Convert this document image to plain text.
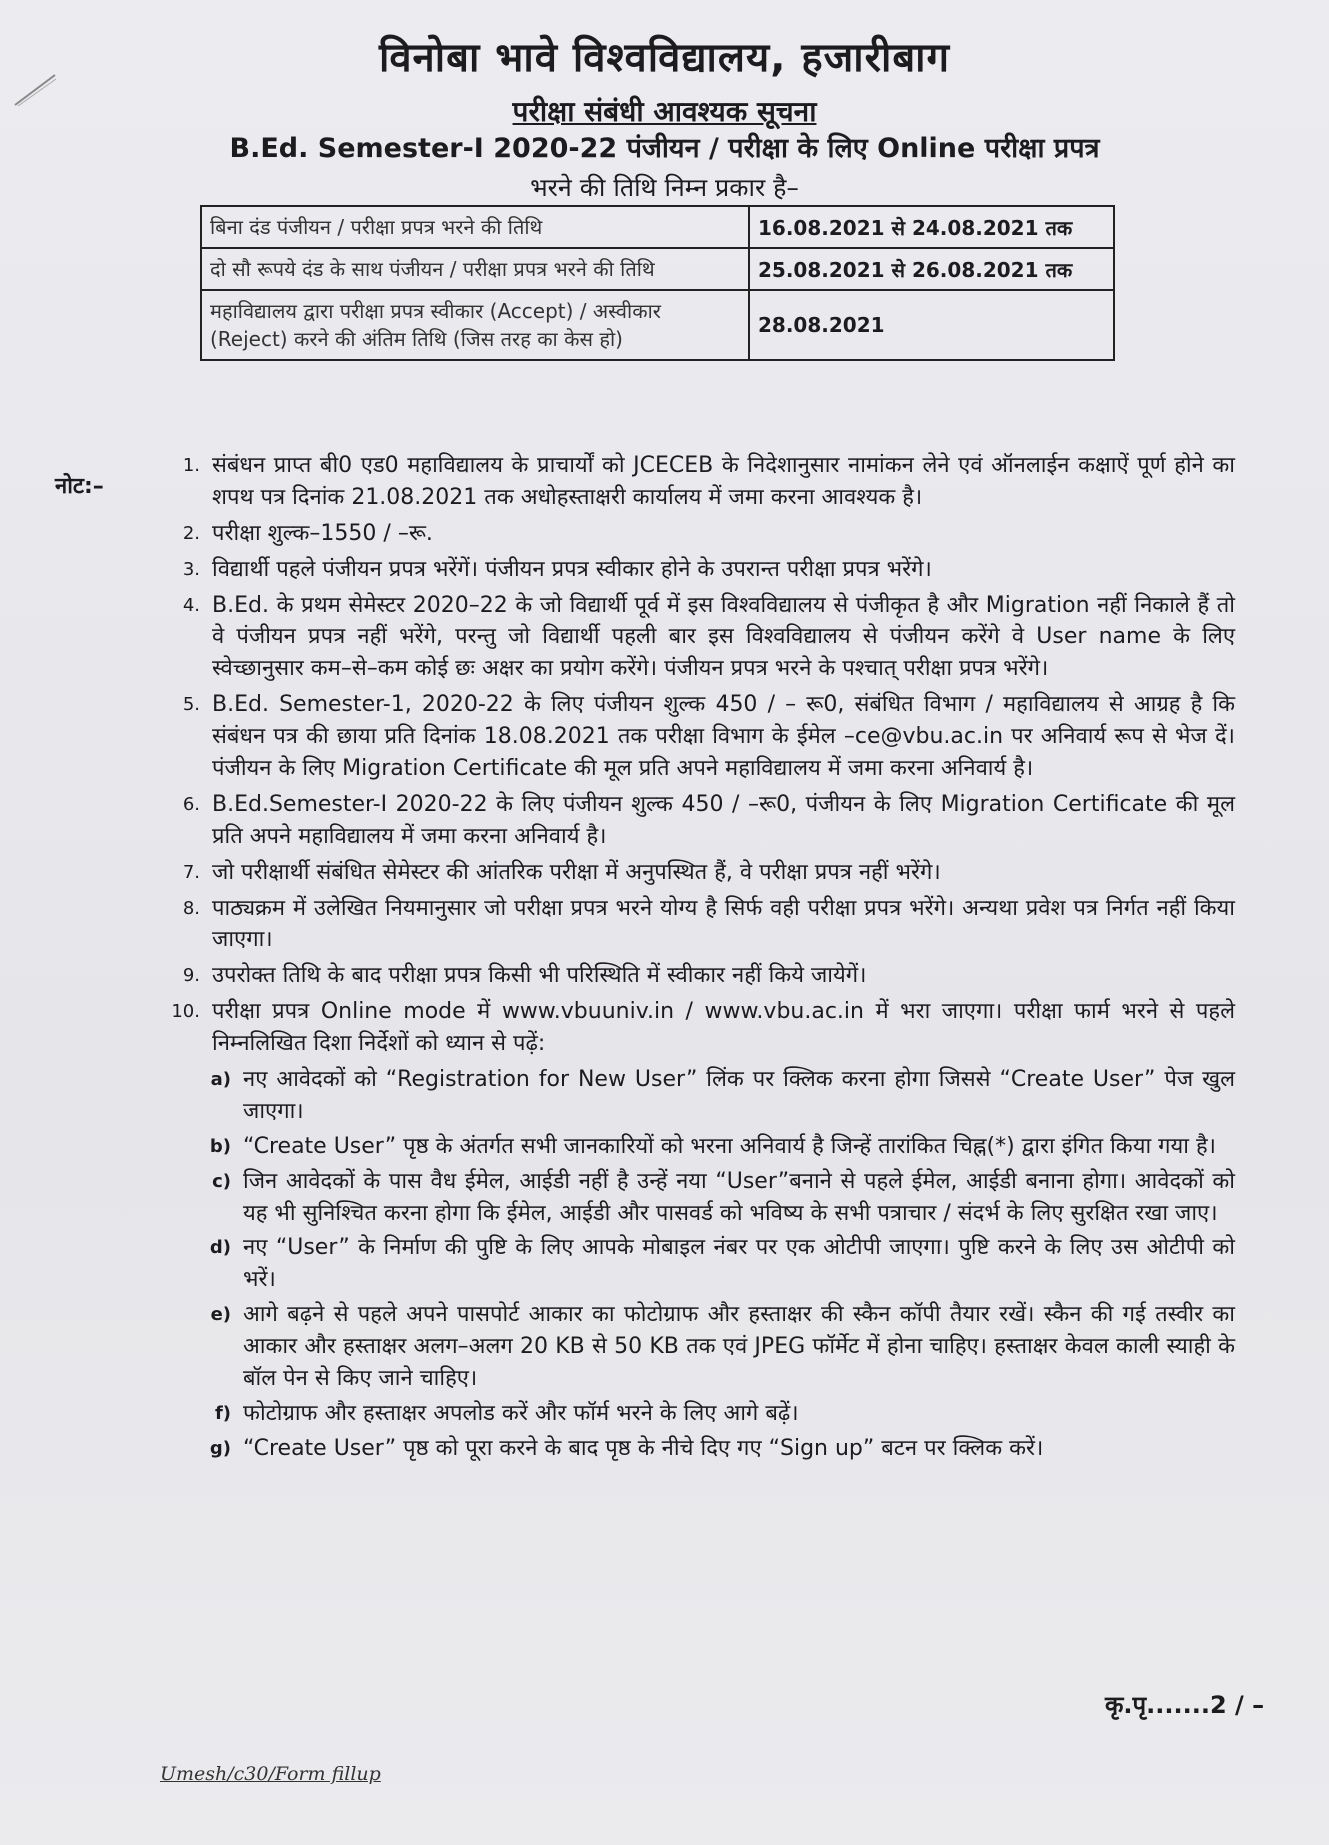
विनोबा भावे विश्वविद्यालय, हजारीबाग
परीक्षा संबंधी आवश्यक सूचना
B.Ed. Semester-I 2020-22 पंजीयन / परीक्षा के लिए Online परीक्षा प्रपत्र
भरने की तिथि निम्न प्रकार है–
बिना दंड पंजीयन / परीक्षा प्रपत्र भरने की तिथि	16.08.2021 से 24.08.2021 तक
दो सौ रूपये दंड के साथ पंजीयन / परीक्षा प्रपत्र भरने की तिथि	25.08.2021 से 26.08.2021 तक
महाविद्यालय द्वारा परीक्षा प्रपत्र स्वीकार (Accept) / अस्वीकार (Reject) करने की अंतिम तिथि (जिस तरह का केस हो)	28.08.2021
नोट:–
1. संबंधन प्राप्त बी0 एड0 महाविद्यालय के प्राचार्यों को JCECEB के निदेशानुसार नामांकन लेने एवं ऑनलाईन कक्षाऐं पूर्ण होने का शपथ पत्र दिनांक 21.08.2021 तक अधोहस्ताक्षरी कार्यालय में जमा करना आवश्यक है।
2. परीक्षा शुल्क–1550 / –रू.
3. विद्यार्थी पहले पंजीयन प्रपत्र भरेंगें। पंजीयन प्रपत्र स्वीकार होने के उपरान्त परीक्षा प्रपत्र भरेंगे।
4. B.Ed. के प्रथम सेमेस्टर 2020–22 के जो विद्यार्थी पूर्व में इस विश्वविद्यालय से पंजीकृत है और Migration नहीं निकाले हैं तो वे पंजीयन प्रपत्र नहीं भरेंगे, परन्तु जो विद्यार्थी पहली बार इस विश्वविद्यालय से पंजीयन करेंगे वे User name के लिए स्वेच्छानुसार कम–से–कम कोई छः अक्षर का प्रयोग करेंगे। पंजीयन प्रपत्र भरने के पश्चात् परीक्षा प्रपत्र भरेंगे।
5. B.Ed. Semester-1, 2020-22 के लिए पंजीयन शुल्क 450 / – रू0, संबंधित विभाग / महाविद्यालय से आग्रह है कि संबंधन पत्र की छाया प्रति दिनांक 18.08.2021 तक परीक्षा विभाग के ईमेल –ce@vbu.ac.in पर अनिवार्य रूप से भेज दें। पंजीयन के लिए Migration Certificate की मूल प्रति अपने महाविद्यालय में जमा करना अनिवार्य है।
6. B.Ed.Semester-I 2020-22 के लिए पंजीयन शुल्क 450 / –रू0, पंजीयन के लिए Migration Certificate की मूल प्रति अपने महाविद्यालय में जमा करना अनिवार्य है।
7. जो परीक्षार्थी संबंधित सेमेस्टर की आंतरिक परीक्षा में अनुपस्थित हैं, वे परीक्षा प्रपत्र नहीं भरेंगे।
8. पाठ्यक्रम में उलेखित नियमानुसार जो परीक्षा प्रपत्र भरने योग्य है सिर्फ वही परीक्षा प्रपत्र भरेंगे। अन्यथा प्रवेश पत्र निर्गत नहीं किया जाएगा।
9. उपरोक्त तिथि के बाद परीक्षा प्रपत्र किसी भी परिस्थिति में स्वीकार नहीं किये जायेगें।
10. परीक्षा प्रपत्र Online mode में www.vbuuniv.in / www.vbu.ac.in में भरा जाएगा। परीक्षा फार्म भरने से पहले निम्नलिखित दिशा निर्देशों को ध्यान से पढ़ें:
a) नए आवेदकों को “Registration for New User” लिंक पर क्लिक करना होगा जिससे “Create User” पेज खुल जाएगा।
b) “Create User” पृष्ठ के अंतर्गत सभी जानकारियों को भरना अनिवार्य है जिन्हें तारांकित चिह्न(*) द्वारा इंगित किया गया है।
c) जिन आवेदकों के पास वैध ईमेल, आईडी नहीं है उन्हें नया “User”बनाने से पहले ईमेल, आईडी बनाना होगा। आवेदकों को यह भी सुनिश्चित करना होगा कि ईमेल, आईडी और पासवर्ड को भविष्य के सभी पत्राचार / संदर्भ के लिए सुरक्षित रखा जाए।
d) नए “User” के निर्माण की पुष्टि के लिए आपके मोबाइल नंबर पर एक ओटीपी जाएगा। पुष्टि करने के लिए उस ओटीपी को भरें।
e) आगे बढ़ने से पहले अपने पासपोर्ट आकार का फोटोग्राफ और हस्ताक्षर की स्कैन कॉपी तैयार रखें। स्कैन की गई तस्वीर का आकार और हस्ताक्षर अलग–अलग 20 KB से 50 KB तक एवं JPEG फॉर्मेट में होना चाहिए। हस्ताक्षर केवल काली स्याही के बॉल पेन से किए जाने चाहिए।
f) फोटोग्राफ और हस्ताक्षर अपलोड करें और फॉर्म भरने के लिए आगे बढ़ें।
g) “Create User” पृष्ठ को पूरा करने के बाद पृष्ठ के नीचे दिए गए “Sign up” बटन पर क्लिक करें।
कृ.पृ.......2 / –
Umesh/c30/Form fillup
